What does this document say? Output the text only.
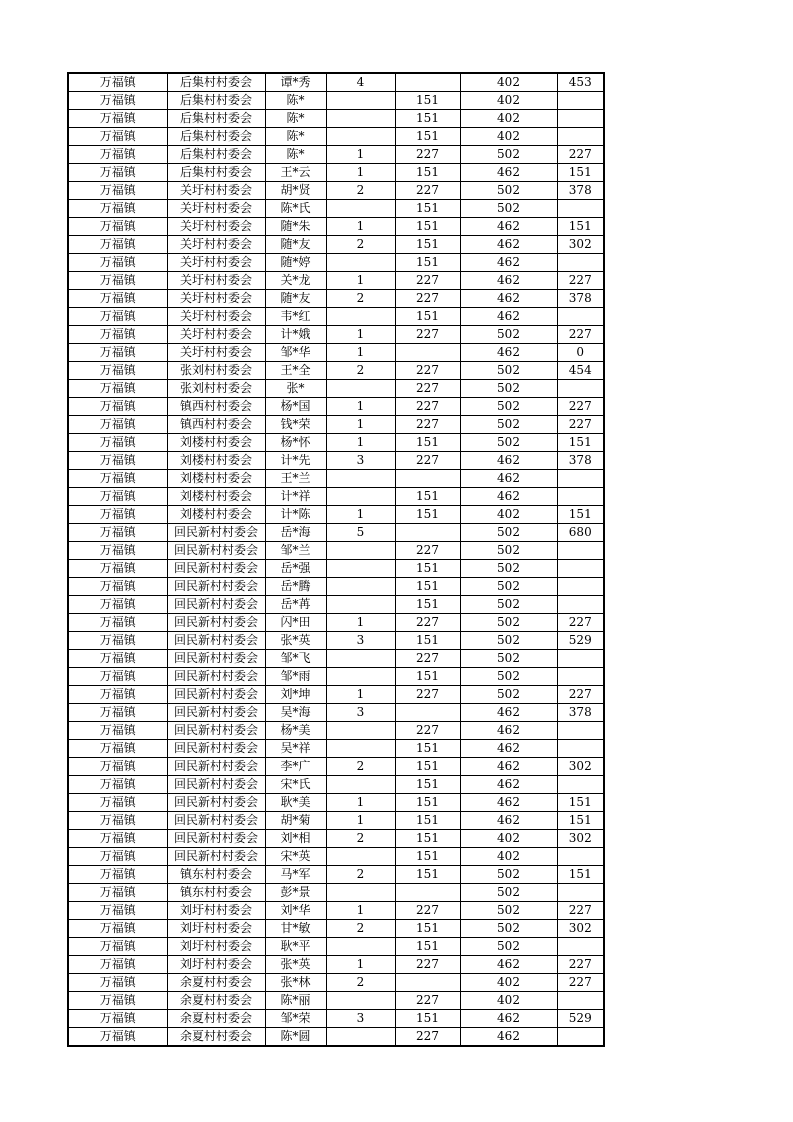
万福镇	后集村村委会	谭*秀	4		402	453
万福镇	后集村村委会	陈*		151	402	
万福镇	后集村村委会	陈*		151	402	
万福镇	后集村村委会	陈*		151	402	
万福镇	后集村村委会	陈*	1	227	502	227
万福镇	后集村村委会	王*云	1	151	462	151
万福镇	关圩村村委会	胡*贤	2	227	502	378
万福镇	关圩村村委会	陈*氏		151	502	
万福镇	关圩村村委会	随*朱	1	151	462	151
万福镇	关圩村村委会	随*友	2	151	462	302
万福镇	关圩村村委会	随*婷		151	462	
万福镇	关圩村村委会	关*龙	1	227	462	227
万福镇	关圩村村委会	随*友	2	227	462	378
万福镇	关圩村村委会	韦*红		151	462	
万福镇	关圩村村委会	计*娥	1	227	502	227
万福镇	关圩村村委会	邹*华	1		462	0
万福镇	张刘村村委会	王*全	2	227	502	454
万福镇	张刘村村委会	张*		227	502	
万福镇	镇西村村委会	杨*国	1	227	502	227
万福镇	镇西村村委会	钱*荣	1	227	502	227
万福镇	刘楼村村委会	杨*怀	1	151	502	151
万福镇	刘楼村村委会	计*先	3	227	462	378
万福镇	刘楼村村委会	王*兰			462	
万福镇	刘楼村村委会	计*祥		151	462	
万福镇	刘楼村村委会	计*陈	1	151	402	151
万福镇	回民新村村委会	岳*海	5		502	680
万福镇	回民新村村委会	邹*兰		227	502	
万福镇	回民新村村委会	岳*强		151	502	
万福镇	回民新村村委会	岳*腾		151	502	
万福镇	回民新村村委会	岳*苒		151	502	
万福镇	回民新村村委会	闪*田	1	227	502	227
万福镇	回民新村村委会	张*英	3	151	502	529
万福镇	回民新村村委会	邹*飞		227	502	
万福镇	回民新村村委会	邹*雨		151	502	
万福镇	回民新村村委会	刘*坤	1	227	502	227
万福镇	回民新村村委会	吴*海	3		462	378
万福镇	回民新村村委会	杨*美		227	462	
万福镇	回民新村村委会	吴*祥		151	462	
万福镇	回民新村村委会	李*广	2	151	462	302
万福镇	回民新村村委会	宋*氏		151	462	
万福镇	回民新村村委会	耿*美	1	151	462	151
万福镇	回民新村村委会	胡*菊	1	151	462	151
万福镇	回民新村村委会	刘*相	2	151	402	302
万福镇	回民新村村委会	宋*英		151	402	
万福镇	镇东村村委会	马*军	2	151	502	151
万福镇	镇东村村委会	彭*景			502	
万福镇	刘圩村村委会	刘*华	1	227	502	227
万福镇	刘圩村村委会	甘*敏	2	151	502	302
万福镇	刘圩村村委会	耿*平		151	502	
万福镇	刘圩村村委会	张*英	1	227	462	227
万福镇	余夏村村委会	张*林	2		402	227
万福镇	余夏村村委会	陈*丽		227	402	
万福镇	余夏村村委会	邹*荣	3	151	462	529
万福镇	余夏村村委会	陈*圆		227	462	
